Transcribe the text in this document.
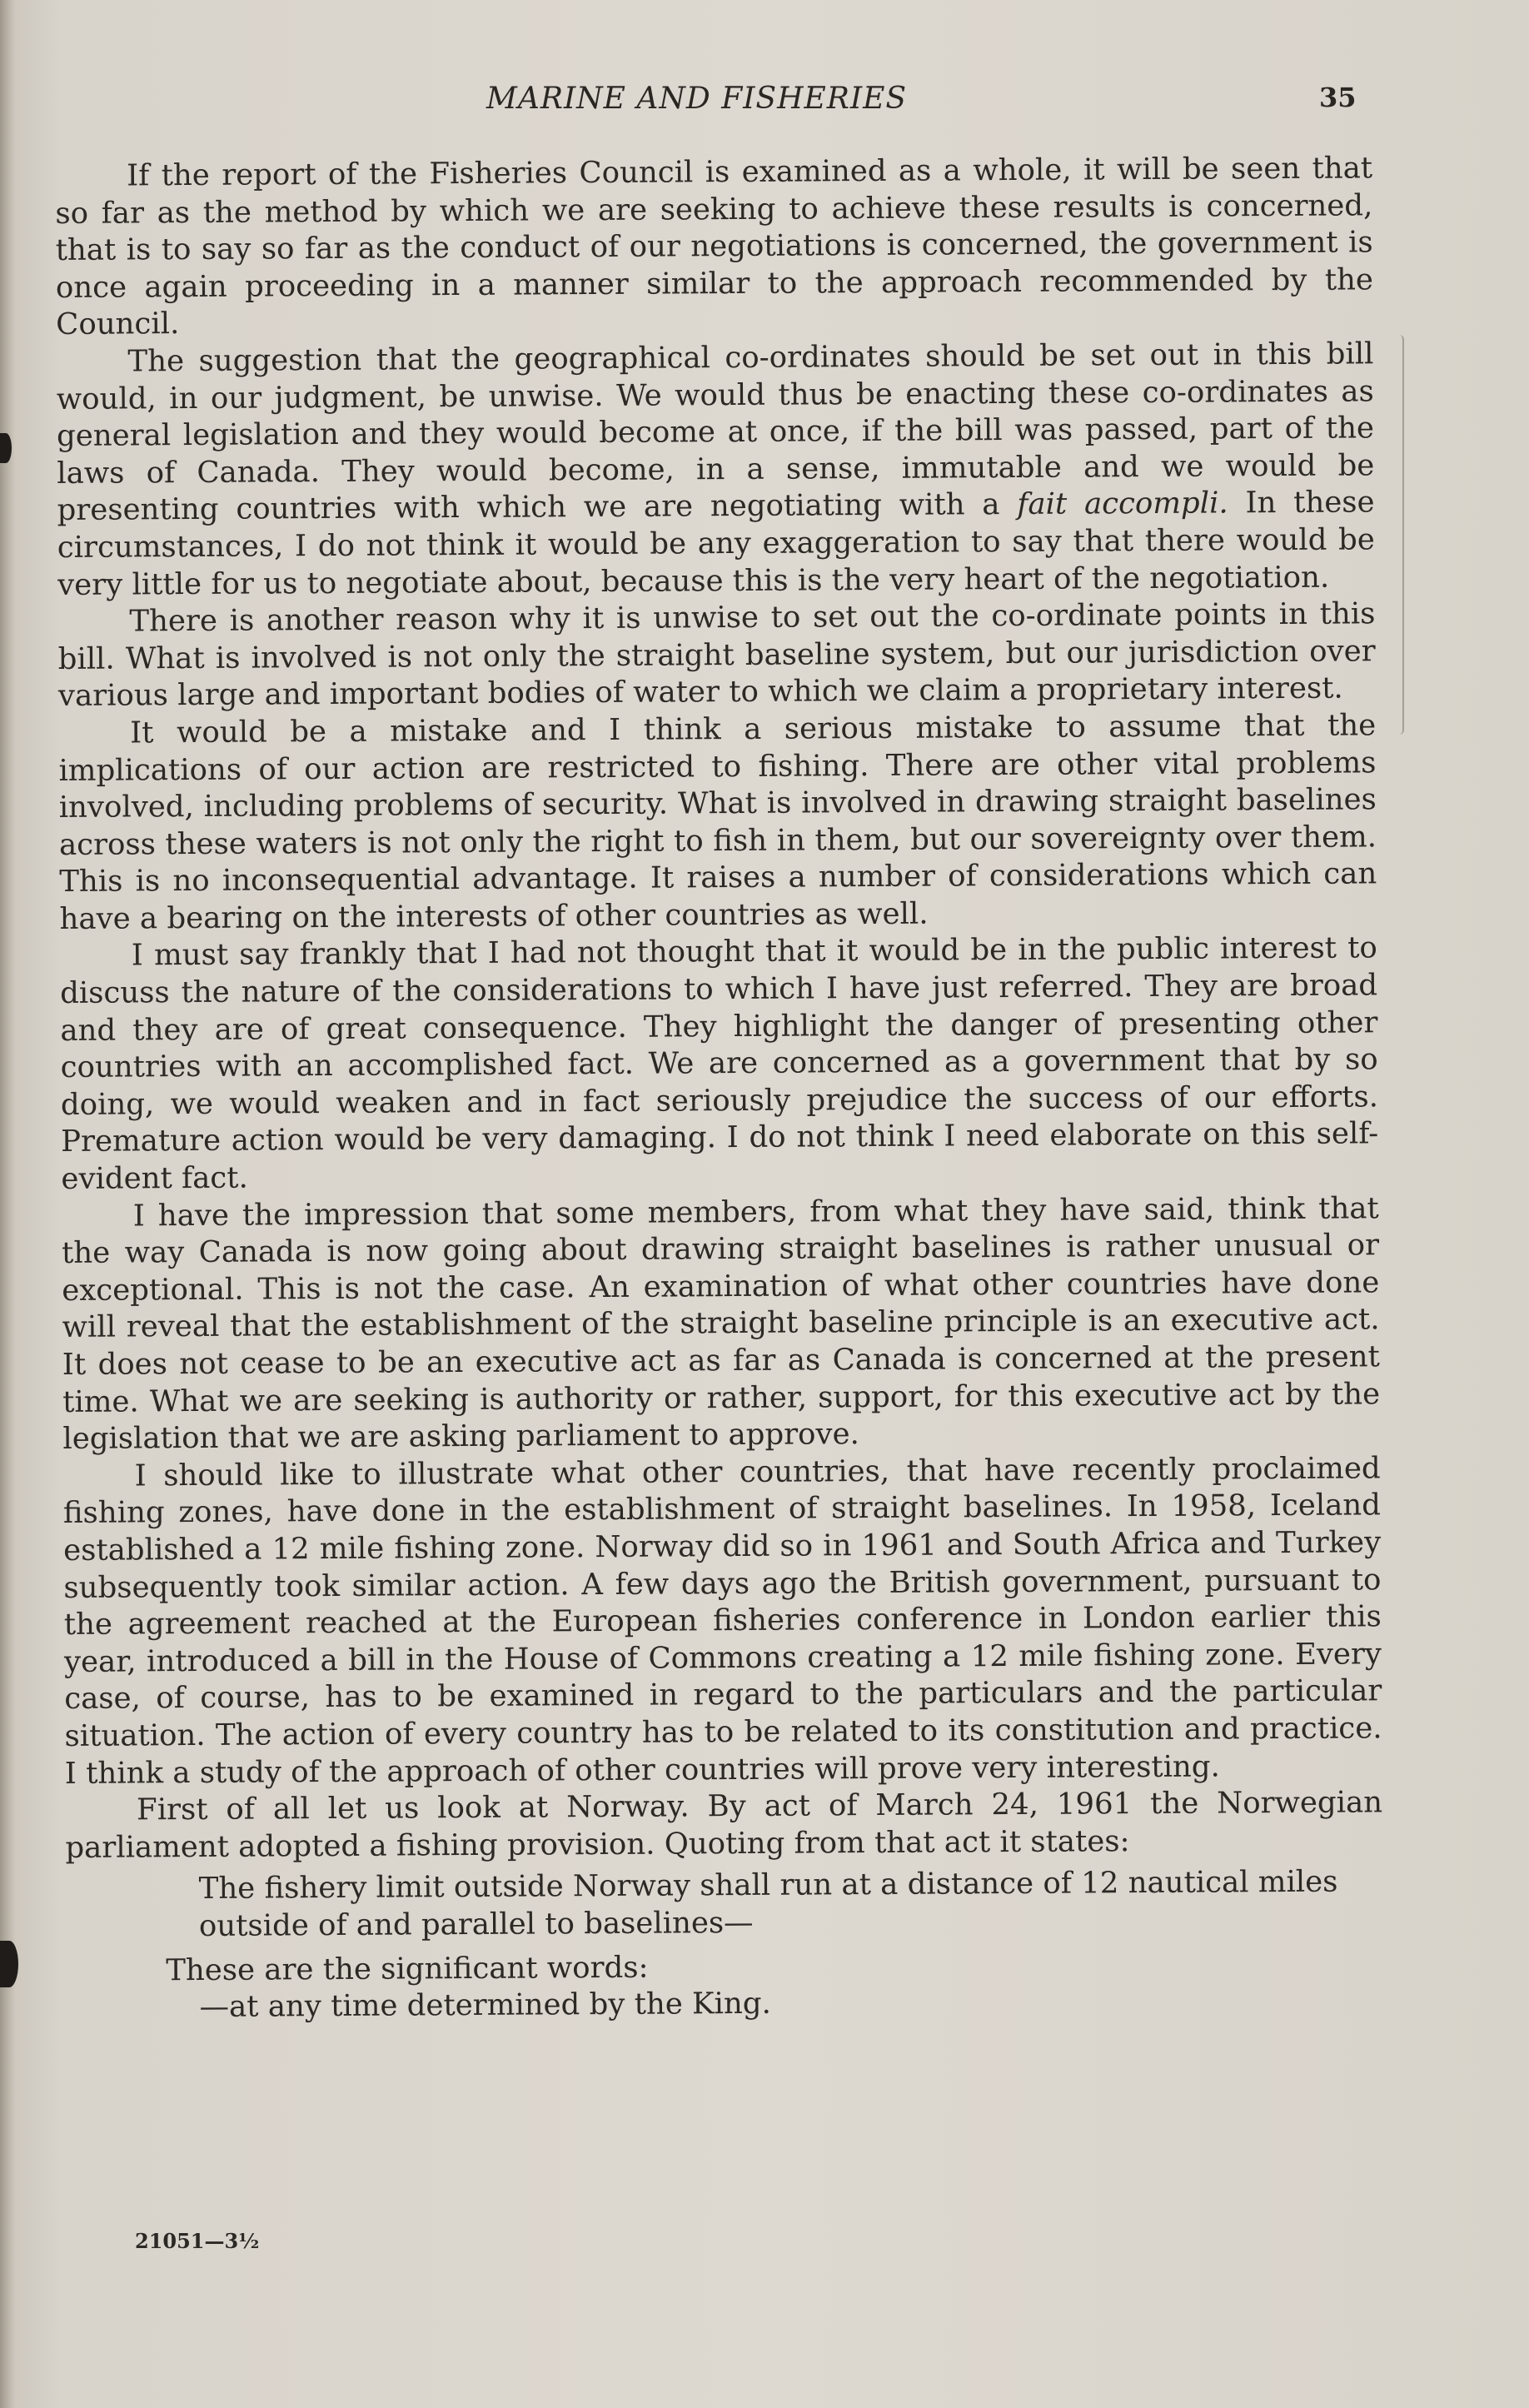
MARINE AND FISHERIES	35

If the report of the Fisheries Council is examined as a whole, it will be seen that so far as the method by which we are seeking to achieve these results is concerned, that is to say so far as the conduct of our negotiations is concerned, the government is once again proceeding in a manner similar to the approach recommended by the Council.

The suggestion that the geographical co-ordinates should be set out in this bill would, in our judgment, be unwise. We would thus be enacting these co-ordinates as general legislation and they would become at once, if the bill was passed, part of the laws of Canada. They would become, in a sense, immutable and we would be presenting countries with which we are negotiating with a fait accompli. In these circumstances, I do not think it would be any exaggeration to say that there would be very little for us to negotiate about, because this is the very heart of the negotiation.

There is another reason why it is unwise to set out the co-ordinate points in this bill. What is involved is not only the straight baseline system, but our jurisdiction over various large and important bodies of water to which we claim a proprietary interest.

It would be a mistake and I think a serious mistake to assume that the implications of our action are restricted to fishing. There are other vital problems involved, including problems of security. What is involved in drawing straight baselines across these waters is not only the right to fish in them, but our sovereignty over them. This is no inconsequential advantage. It raises a number of considerations which can have a bearing on the interests of other countries as well.

I must say frankly that I had not thought that it would be in the public interest to discuss the nature of the considerations to which I have just referred. They are broad and they are of great consequence. They highlight the danger of presenting other countries with an accomplished fact. We are concerned as a government that by so doing, we would weaken and in fact seriously prejudice the success of our efforts. Premature action would be very damaging. I do not think I need elaborate on this self-evident fact.

I have the impression that some members, from what they have said, think that the way Canada is now going about drawing straight baselines is rather unusual or exceptional. This is not the case. An examination of what other countries have done will reveal that the establishment of the straight baseline principle is an executive act. It does not cease to be an executive act as far as Canada is concerned at the present time. What we are seeking is authority or rather, support, for this executive act by the legislation that we are asking parliament to approve.

I should like to illustrate what other countries, that have recently proclaimed fishing zones, have done in the establishment of straight baselines. In 1958, Iceland established a 12 mile fishing zone. Norway did so in 1961 and South Africa and Turkey subsequently took similar action. A few days ago the British government, pursuant to the agreement reached at the European fisheries conference in London earlier this year, introduced a bill in the House of Commons creating a 12 mile fishing zone. Every case, of course, has to be examined in regard to the particulars and the particular situation. The action of every country has to be related to its constitution and practice. I think a study of the approach of other countries will prove very interesting.

First of all let us look at Norway. By act of March 24, 1961 the Norwegian parliament adopted a fishing provision. Quoting from that act it states:

The fishery limit outside Norway shall run at a distance of 12 nautical miles outside of and parallel to baselines—

These are the significant words:

—at any time determined by the King.

21051—3½
